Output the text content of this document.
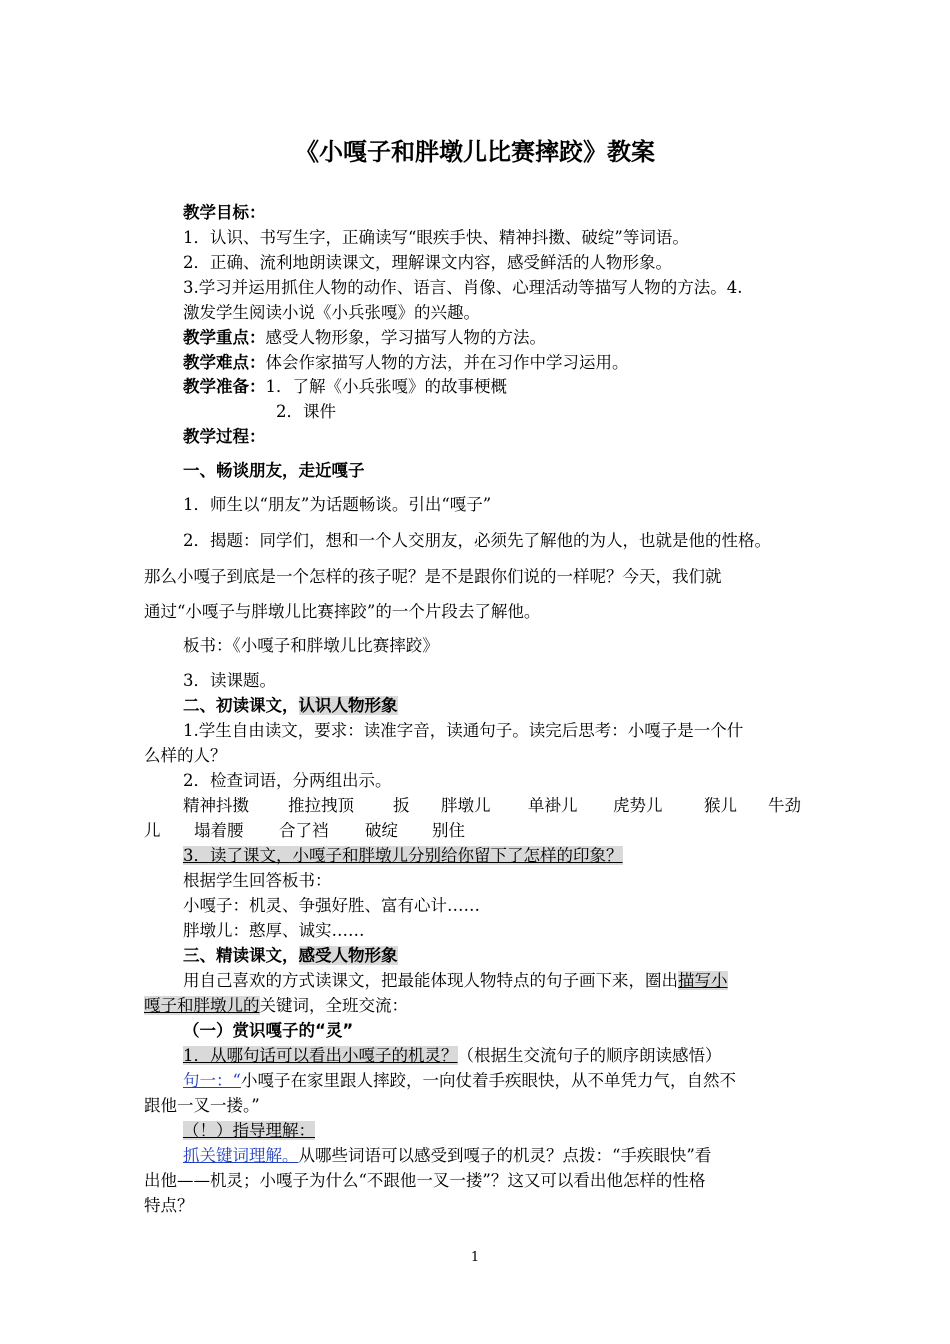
《小嘎子和胖墩儿比赛摔跤》教案
教学目标：
1．认识、书写生字，正确读写“眼疾手快、精神抖擞、破绽”等词语。
2．正确、流利地朗读课文，理解课文内容，感受鲜活的人物形象。
3.学习并运用抓住人物的动作、语言、肖像、心理活动等描写人物的方法。4.
激发学生阅读小说《小兵张嘎》的兴趣。
教学重点：感受人物形象，学习描写人物的方法。
教学难点：体会作家描写人物的方法，并在习作中学习运用。
教学准备：1．了解《小兵张嘎》的故事梗概
2．课件
教学过程：
一、畅谈朋友，走近嘎子
1．师生以“朋友”为话题畅谈。引出“嘎子”
2．揭题：同学们，想和一个人交朋友，必须先了解他的为人，也就是他的性格。
那么小嘎子到底是一个怎样的孩子呢？是不是跟你们说的一样呢？今天，我们就
通过“小嘎子与胖墩儿比赛摔跤”的一个片段去了解他。
板书：《小嘎子和胖墩儿比赛摔跤》
3．读课题。
二、初读课文，认识人物形象
1.学生自由读文，要求：读准字音，读通句子。读完后思考：小嘎子是一个什
么样的人？
2．检查词语，分两组出示。
精神抖擞 推拉拽顶 扳 胖墩儿 单褂儿 虎势儿	猴儿 牛劲
儿 塌着腰 合了裆 破绽 别住
3．读了课文，小嘎子和胖墩儿分别给你留下了怎样的印象？
根据学生回答板书：
小嘎子：机灵、争强好胜、富有心计……
胖墩儿：憨厚、诚实……
三、精读课文，感受人物形象
用自己喜欢的方式读课文，把最能体现人物特点的句子画下来，圈出描写小
嘎子和胖墩儿的关键词，全班交流：
（一）赏识嘎子的“灵”
1．从哪句话可以看出小嘎子的机灵？（根据生交流句子的顺序朗读感悟）
句一：“小嘎子在家里跟人摔跤，一向仗着手疾眼快，从不单凭力气，自然不
跟他一叉一搂。”
（！）指导理解：
抓关键词理解。从哪些词语可以感受到嘎子的机灵？点拨：“手疾眼快”看
出他——机灵；小嘎子为什么“不跟他一叉一搂”？这又可以看出他怎样的性格
特点？
1
